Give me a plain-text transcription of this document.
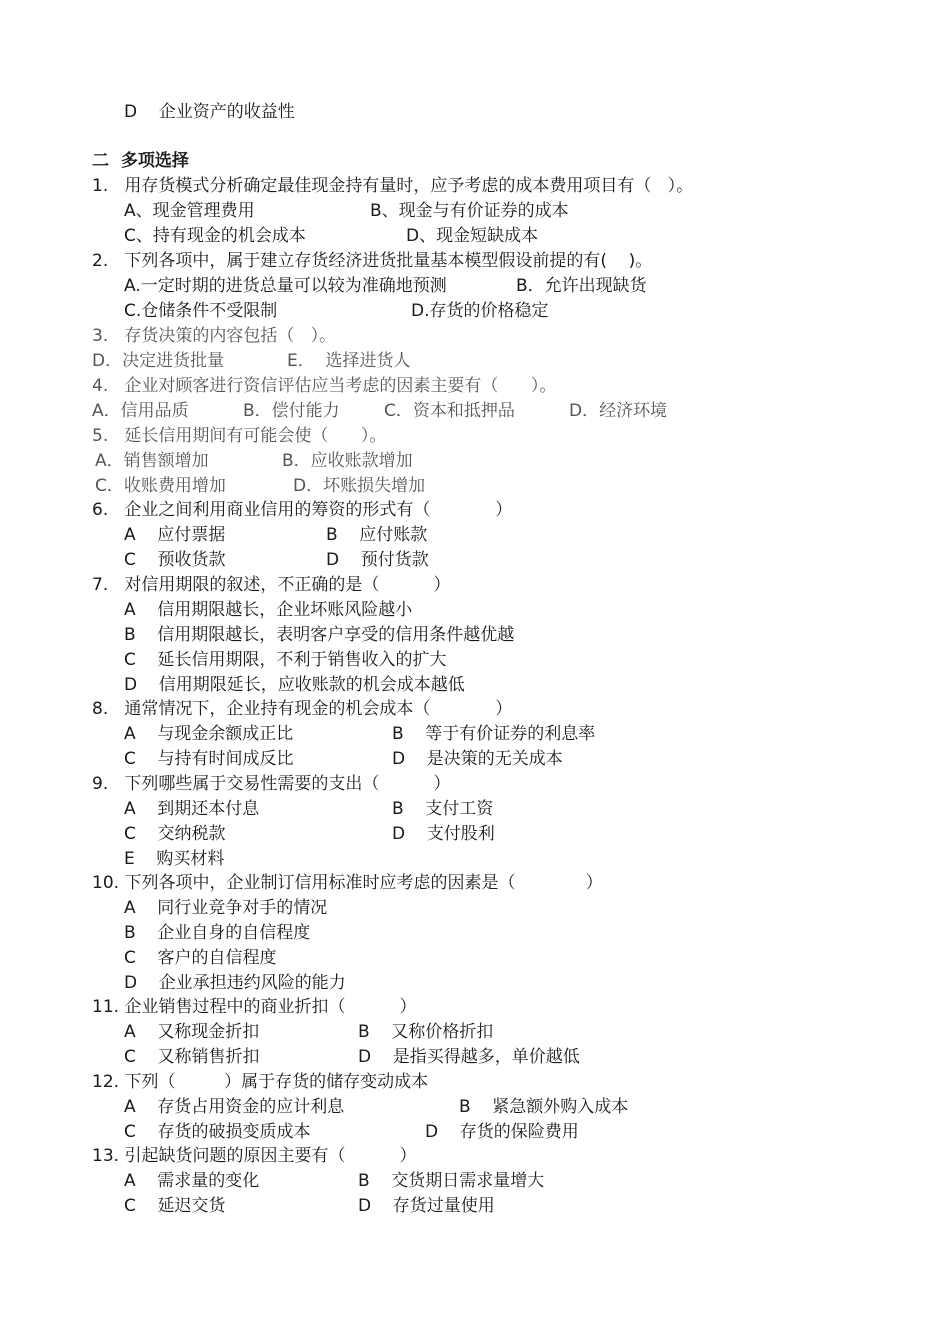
D    企业资产的收益性
二  多项选择
1.   用存货模式分析确定最佳现金持有量时，应予考虑的成本费用项目有（   ）。
A、现金管理费用	B、现金与有价证券的成本
C、持有现金的机会成本	D、现金短缺成本
2.   下列各项中，属于建立存货经济进货批量基本模型假设前提的有(    )。
A.一定时期的进货总量可以较为准确地预测	B．允许出现缺货
C.仓储条件不受限制	D.存货的价格稳定
3.   存货决策的内容包括（   ）。
D．决定进货批量	E．  选择进货人
4.   企业对顾客进行资信评估应当考虑的因素主要有（      ）。
A．信用品质	B．偿付能力	C．资本和抵押品	D．经济环境
5.   延长信用期间有可能会使（      ）。
A．销售额增加	B．应收账款增加
C．收账费用增加	D．坏账损失增加
6.   企业之间利用商业信用的筹资的形式有（            ）
A    应付票据	B    应付账款
C    预收货款	D    预付货款
7.   对信用期限的叙述，不正确的是（          ）
A    信用期限越长，企业坏账风险越小
B    信用期限越长，表明客户享受的信用条件越优越
C    延长信用期限，不利于销售收入的扩大
D    信用期限延长，应收账款的机会成本越低
8.   通常情况下，企业持有现金的机会成本（            ）
A    与现金余额成正比	B    等于有价证券的利息率
C    与持有时间成反比	D    是决策的无关成本
9.   下列哪些属于交易性需要的支出（          ）
A    到期还本付息	B    支付工资
C    交纳税款	D    支付股利
E    购买材料
10. 下列各项中，企业制订信用标准时应考虑的因素是（             ）
A    同行业竞争对手的情况
B    企业自身的自信程度
C    客户的自信程度
D    企业承担违约风险的能力
11. 企业销售过程中的商业折扣（          ）
A    又称现金折扣	B    又称价格折扣
C    又称销售折扣	D    是指买得越多，单价越低
12. 下列（         ）属于存货的储存变动成本
A    存货占用资金的应计利息	B    紧急额外购入成本
C    存货的破损变质成本	D    存货的保险费用
13. 引起缺货问题的原因主要有（          ）
A    需求量的变化	B    交货期日需求量增大
C    延迟交货	D    存货过量使用
